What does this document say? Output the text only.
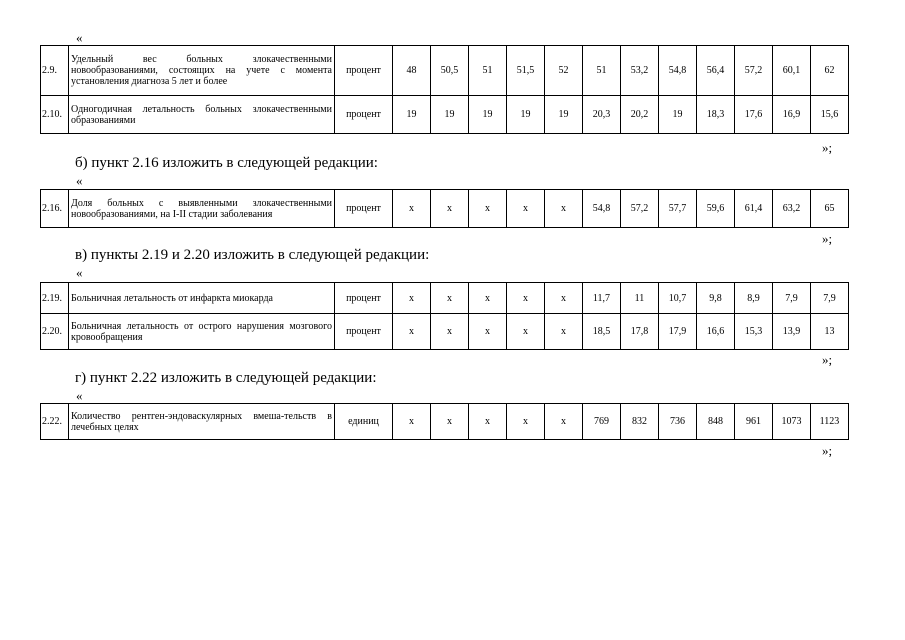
«
2.9.	Удельный вес больных злокачественными новообразованиями, состоящих на учете с момента установления диагноза 5 лет и более	процент	48	50,5	51	51,5	52	51	53,2	54,8	56,4	57,2	60,1	62
2.10.	Одногодичная летальность больных злокачественными образованиями	процент	19	19	19	19	19	20,3	20,2	19	18,3	17,6	16,9	15,6
»;
б) пункт 2.16 изложить в следующей редакции:
«
2.16.	Доля больных с выявленными злокачественными новообразованиями, на I-II стадии заболевания	процент	х	х	х	х	х	54,8	57,2	57,7	59,6	61,4	63,2	65
»;
в) пункты 2.19 и 2.20 изложить в следующей редакции:
«
2.19.	Больничная летальность от инфаркта миокарда	процент	х	х	х	х	х	11,7	11	10,7	9,8	8,9	7,9	7,9
2.20.	Больничная летальность от острого нарушения мозгового кровообращения	процент	х	х	х	х	х	18,5	17,8	17,9	16,6	15,3	13,9	13
»;
г) пункт 2.22 изложить в следующей редакции:
«
2.22.	Количество рентген-эндоваскулярных вмеша-тельств в лечебных целях	единиц	х	х	х	х	х	769	832	736	848	961	1073	1123
»;
